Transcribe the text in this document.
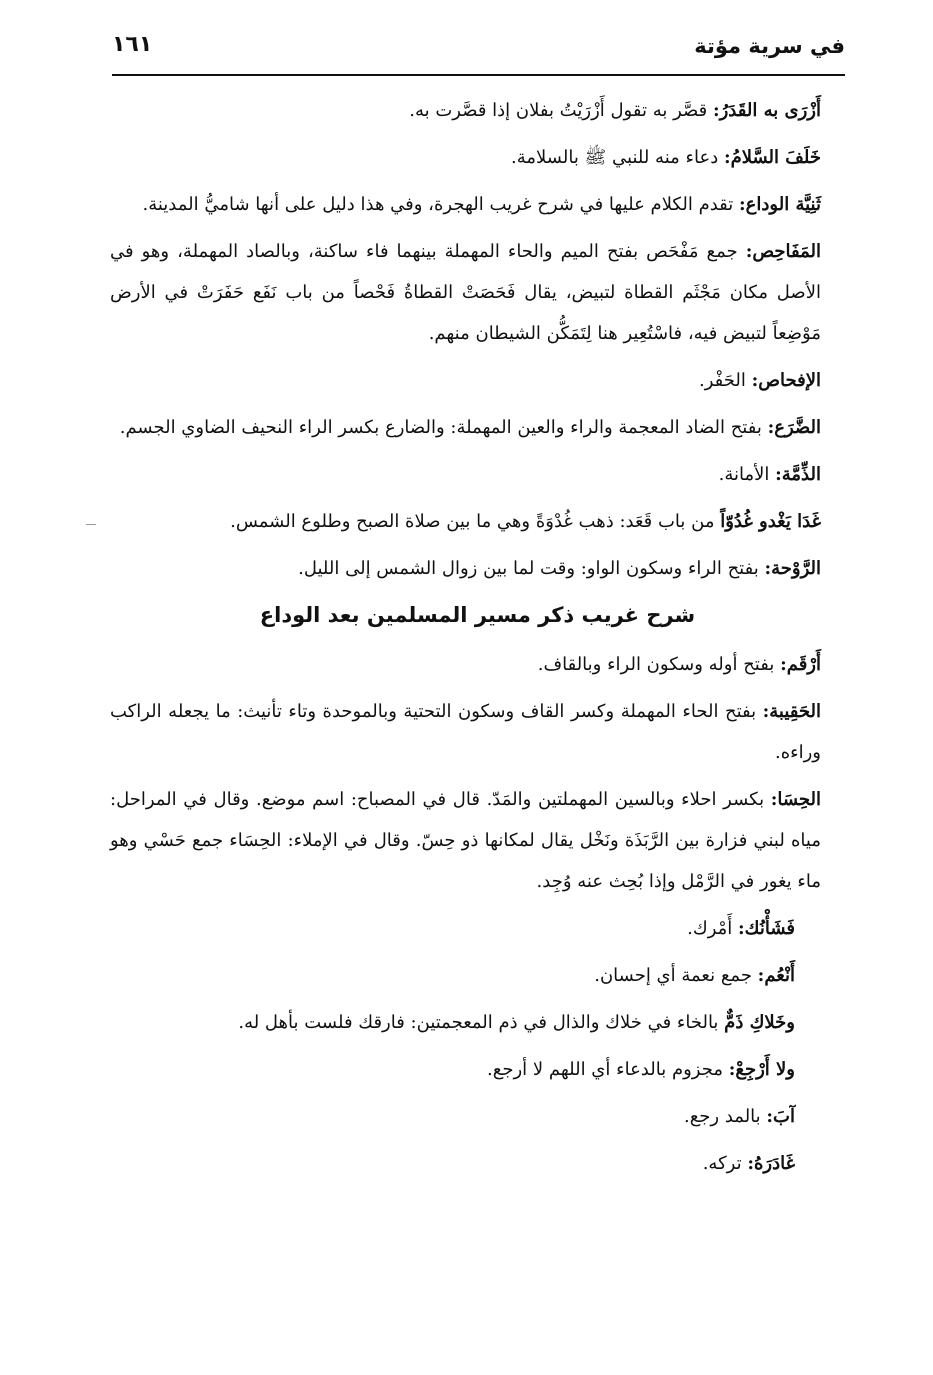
في سرية مؤتة
١٦١

أَزْرَى به القَدَرُ: قصَّر به تقول أَزْرَيْتُ بفلان إذا قصَّرت به.

خَلَفَ السَّلامُ: دعاء منه للنبي ﷺ بالسلامة.

ثَنِيَّة الوداع: تقدم الكلام عليها في شرح غريب الهجرة، وفي هذا دليل على أنها شاميُّ المدينة.

المَفَاحِص: جمع مَفْحَص بفتح الميم والحاء المهملة بينهما فاء ساكنة، وبالصاد المهملة، وهو في الأصل مكان مَجْثَم القطاة لتبيض، يقال فَحَصَتْ القطاةُ فَحْصاً من باب نَفَع حَفَرَتْ في الأرض مَوْضِعاً لتبيض فيه، فاسْتُعِير هنا لِتَمَكُّن الشيطان منهم.

الإفحاص: الحَفْر.

الضَّرَع: بفتح الضاد المعجمة والراء والعين المهملة: والضارع بكسر الراء النحيف الضاوي الجسم.

الذِّمَّة: الأمانة.

غَدَا يَغْدو غُدُوّاً من باب قَعَد: ذهب غُدْوَةً وهي ما بين صلاة الصبح وطلوع الشمس.

الرَّوْحة: بفتح الراء وسكون الواو: وقت لما بين زوال الشمس إلى الليل.

شرح غريب ذكر مسير المسلمين بعد الوداع

أَرْقَم: بفتح أوله وسكون الراء وبالقاف.

الحَقِيبة: بفتح الحاء المهملة وكسر القاف وسكون التحتية وبالموحدة وتاء تأنيث: ما يجعله الراكب وراءه.

الحِسَا: بكسر احلاء وبالسين المهملتين والمَدّ. قال في المصباح: اسم موضع. وقال في المراحل: مياه لبني فزارة بين الرَّبَذَة ونَخْل يقال لمكانها ذو حِسّ. وقال في الإملاء: الحِسَاء جمع حَسْي وهو ماء يغور في الرَّمْل وإذا بُحِث عنه وُجِد.

فَشَأْنُك: أَمْرك.

أَنْعُم: جمع نعمة أي إحسان.

وخَلاكِ ذَمٌّ بالخاء في خلاك والذال في ذم المعجمتين: فارقك فلست بأهل له.

ولا أَرْجِعْ: مجزوم بالدعاء أي اللهم لا أرجع.

آبَ: بالمد رجع.

غَادَرَهُ: تركه.
